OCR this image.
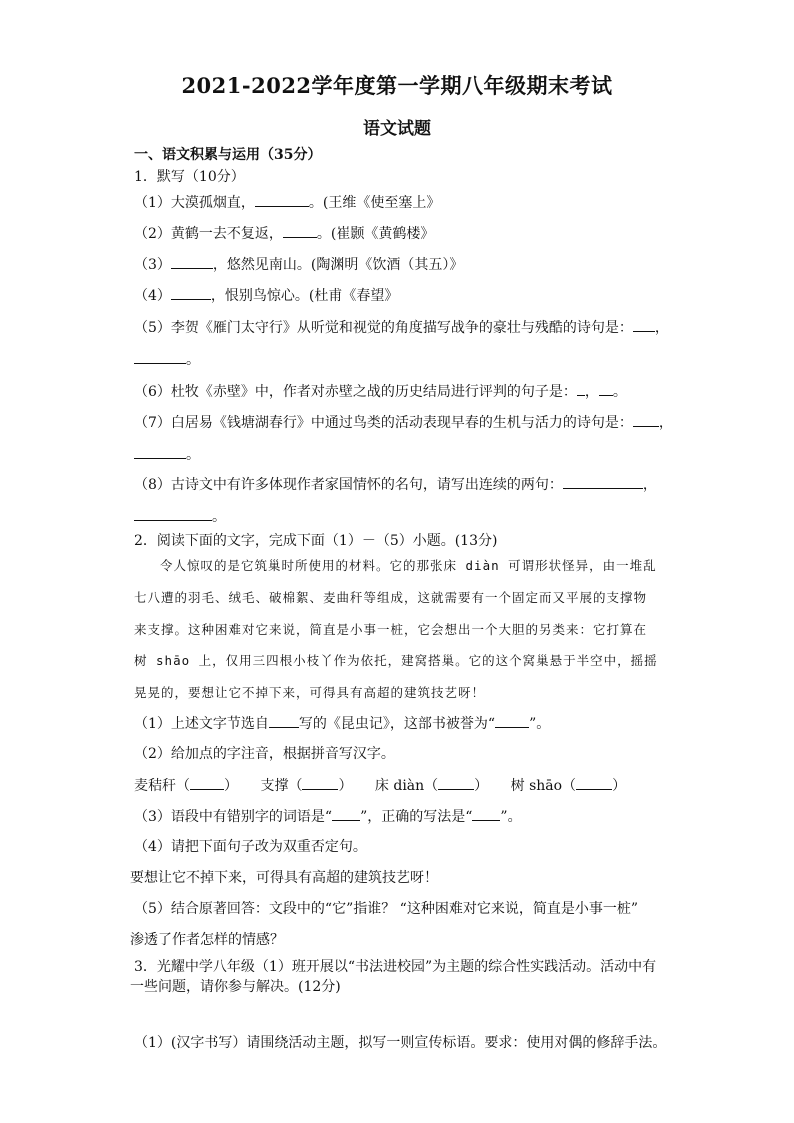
2021-2022学年度第一学期八年级期末考试
语文试题
一、语文积累与运用（35分）
1．默写（10分）
（1）大漠孤烟直，	。(王维《使至塞上》
（2）黄鹤一去不复返， 。(崔颢《黄鹤楼》
（3）	，悠然见南山。(陶渊明《饮酒（其五）》
（4）	，恨别鸟惊心。(杜甫《春望》
（5）李贺《雁门太守行》从听觉和视觉的角度描写战争的豪壮与残酷的诗句是： ，
。
（6）杜牧《赤壁》中，作者对赤壁之战的历史结局进行评判的句子是： ， 。
（7）白居易《钱塘湖春行》中通过鸟类的活动表现早春的生机与活力的诗句是： ，
。
（8）古诗文中有许多体现作者家国情怀的名句，请写出连续的两句：	，
。
2．阅读下面的文字，完成下面（1）－（5）小题。(13分)
令人惊叹的是它筑巢时所使用的材料。它的那张床 diàn 可谓形状怪异，由一堆乱
七八遭的羽毛、绒毛、破棉絮、麦曲秆等组成，这就需要有一个固定而又平展的支撑物
来支撑。这种困难对它来说，简直是小事一桩，它会想出一个大胆的另类来：它打算在
树 shāo 上，仅用三四根小枝丫作为依托，建窝搭巢。它的这个窝巢悬于半空中，摇摇
晃晃的，要想让它不掉下来，可得具有高超的建筑技艺呀！
（1）上述文字节选自 写的《昆虫记》，这部书被誉为“ ”。
（2）给加点的字注音，根据拼音写汉字。
麦秸秆（ ） 支撑（	） 床 diàn（	） 树 shāo（	）
（3）语段中有错别字的词语是“ ”，正确的写法是“ ”。
（4）请把下面句子改为双重否定句。
要想让它不掉下来，可得具有高超的建筑技艺呀！
（5）结合原著回答：文段中的“它”指谁？ “这种困难对它来说，简直是小事一桩”
渗透了作者怎样的情感？
3．光耀中学八年级（1）班开展以“书法进校园”为主题的综合性实践活动。活动中有
一些问题，请你参与解决。(12分)
（1）(汉字书写）请围绕活动主题，拟写一则宣传标语。要求：使用对偶的修辞手法。
